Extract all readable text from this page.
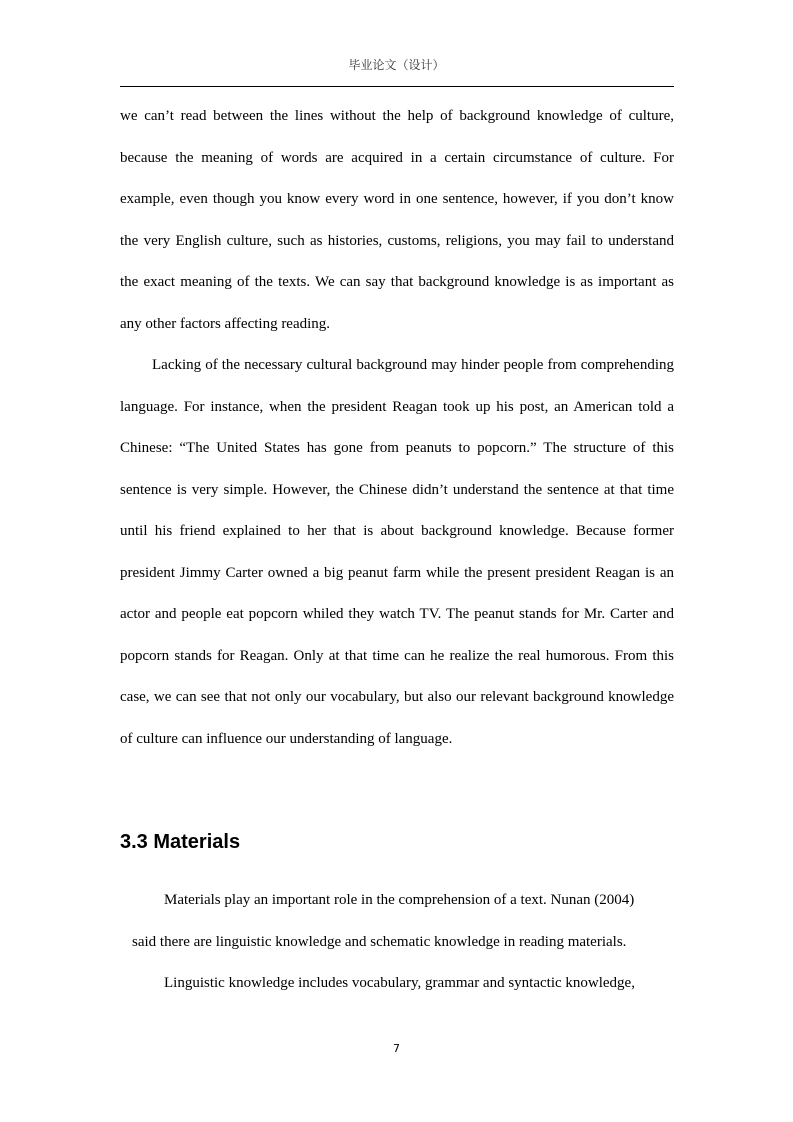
毕业论文（设计）

we can’t read between the lines without the help of background knowledge of culture, because the meaning of words are acquired in a certain circumstance of culture. For example, even though you know every word in one sentence, however, if you don’t know the very English culture, such as histories, customs, religions, you may fail to understand the exact meaning of the texts. We can say that background knowledge is as important as any other factors affecting reading.

Lacking of the necessary cultural background may hinder people from comprehending language. For instance, when the president Reagan took up his post, an American told a Chinese: “The United States has gone from peanuts to popcorn.” The structure of this sentence is very simple. However, the Chinese didn’t understand the sentence at that time until his friend explained to her that is about background knowledge. Because former president Jimmy Carter owned a big peanut farm while the present president Reagan is an actor and people eat popcorn whiled they watch TV. The peanut stands for Mr. Carter and popcorn stands for Reagan. Only at that time can he realize the real humorous. From this case, we can see that not only our vocabulary, but also our relevant background knowledge of culture can influence our understanding of language.

3.3 Materials

Materials play an important role in the comprehension of a text. Nunan (2004)

said there are linguistic knowledge and schematic knowledge in reading materials.

Linguistic knowledge includes vocabulary, grammar and syntactic knowledge,

7
